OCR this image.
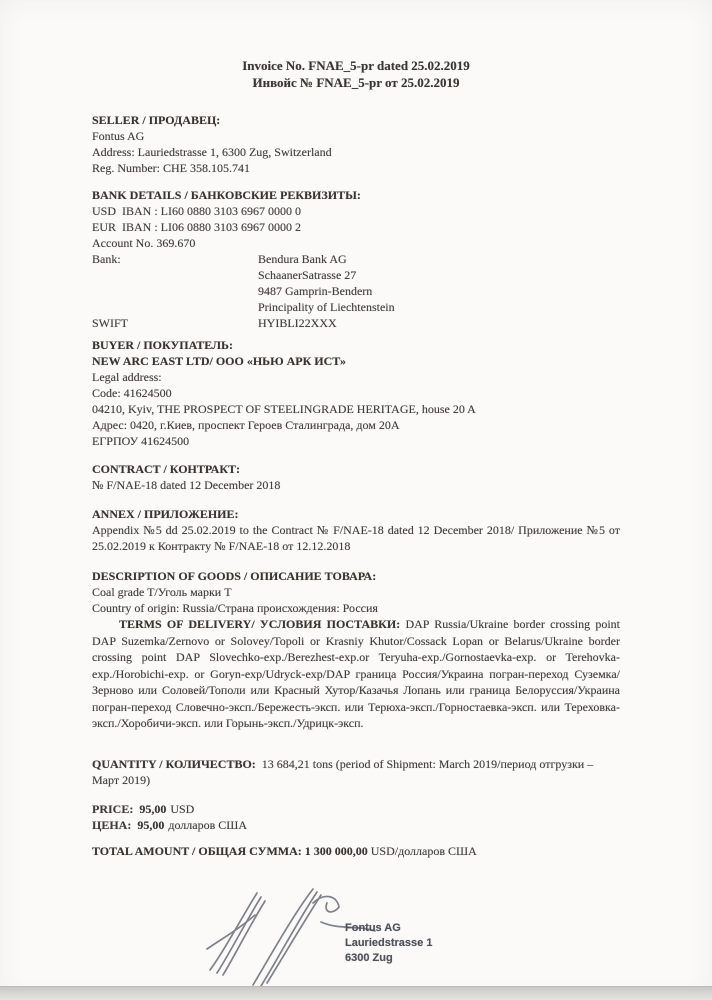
Invoice No. FNAE_5-pr dated 25.02.2019
Инвойс № FNAE_5-pr от 25.02.2019
SELLER / ПРОДАВЕЦ:
Fontus AG
Address: Lauriedstrasse 1, 6300 Zug, Switzerland
Reg. Number: CHE 358.105.741
BANK DETAILS / БАНКОВСКИЕ РЕКВИЗИТЫ:
USD  IBAN : LI60 0880 3103 6967 0000 0
EUR  IBAN : LI06 0880 3103 6967 0000 2
Account No. 369.670
Bank:	Bendura Bank AG
SchaanerSatrasse 27
9487 Gamprin-Bendern
Principality of Liechtenstein
SWIFT	HYIBLI22XXX
BUYER / ПОКУПАТЕЛЬ:
NEW ARC EAST LTD/ ООО «НЬЮ АРК ИСТ»
Legal address:
Code: 41624500
04210, Kyiv, THE PROSPECT OF STEELINGRADE HERITAGE, house 20 A
Адрес: 0420, г.Киев, проспект Героев Сталинграда, дом 20А
ЕГРПОУ 41624500
CONTRACT / КОНТРАКТ:
№ F/NAE-18 dated 12 December 2018
ANNEX / ПРИЛОЖЕНИЕ:
Appendix №5 dd 25.02.2019 to the Contract № F/NAE-18 dated 12 December 2018/ Приложение №5 от 25.02.2019 к Контракту № F/NAE-18 от 12.12.2018
DESCRIPTION OF GOODS / ОПИСАНИЕ ТОВАРА:
Coal grade T/Уголь марки Т
Country of origin: Russia/Страна происхождения: Россия

TERMS OF DELIVERY/ УСЛОВИЯ ПОСТАВКИ: DAP Russia/Ukraine border crossing point DAP Suzemka/Zernovo or Solovey/Topoli or Krasniy Khutor/Cossack Lopan or Belarus/Ukraine border crossing point DAP Slovechko-exp./Berezhest-exp.or Teryuha-exp./Gornostaevka-exp. or Terehovka-exp./Horobichi-exp. or Goryn-exp/Udryck-exp/DAP граница Россия/Украина погран-переход Суземка/Зерново или Соловей/Тополи или Красный Хутор/Казачья Лопань или граница Белоруссия/Украина погран-переход Словечно-эксп./Бережесть-эксп. или Терюха-эксп./Горностаевка-эксп. или Тереховка-эксп./Хоробичи-эксп. или Горынь-эксп./Удрицк-эксп.

QUANTITY / КОЛИЧЕСТВО: 13 684,21 tons (period of Shipment: March 2019/период отгрузки – Март 2019)

PRICE: 95,00 USD
ЦЕНА: 95,00 долларов США
TOTAL AMOUNT / ОБЩАЯ СУММА: 1 300 000,00 USD/долларов США
Fontus AG
Lauriedstrasse 1
6300 Zug
